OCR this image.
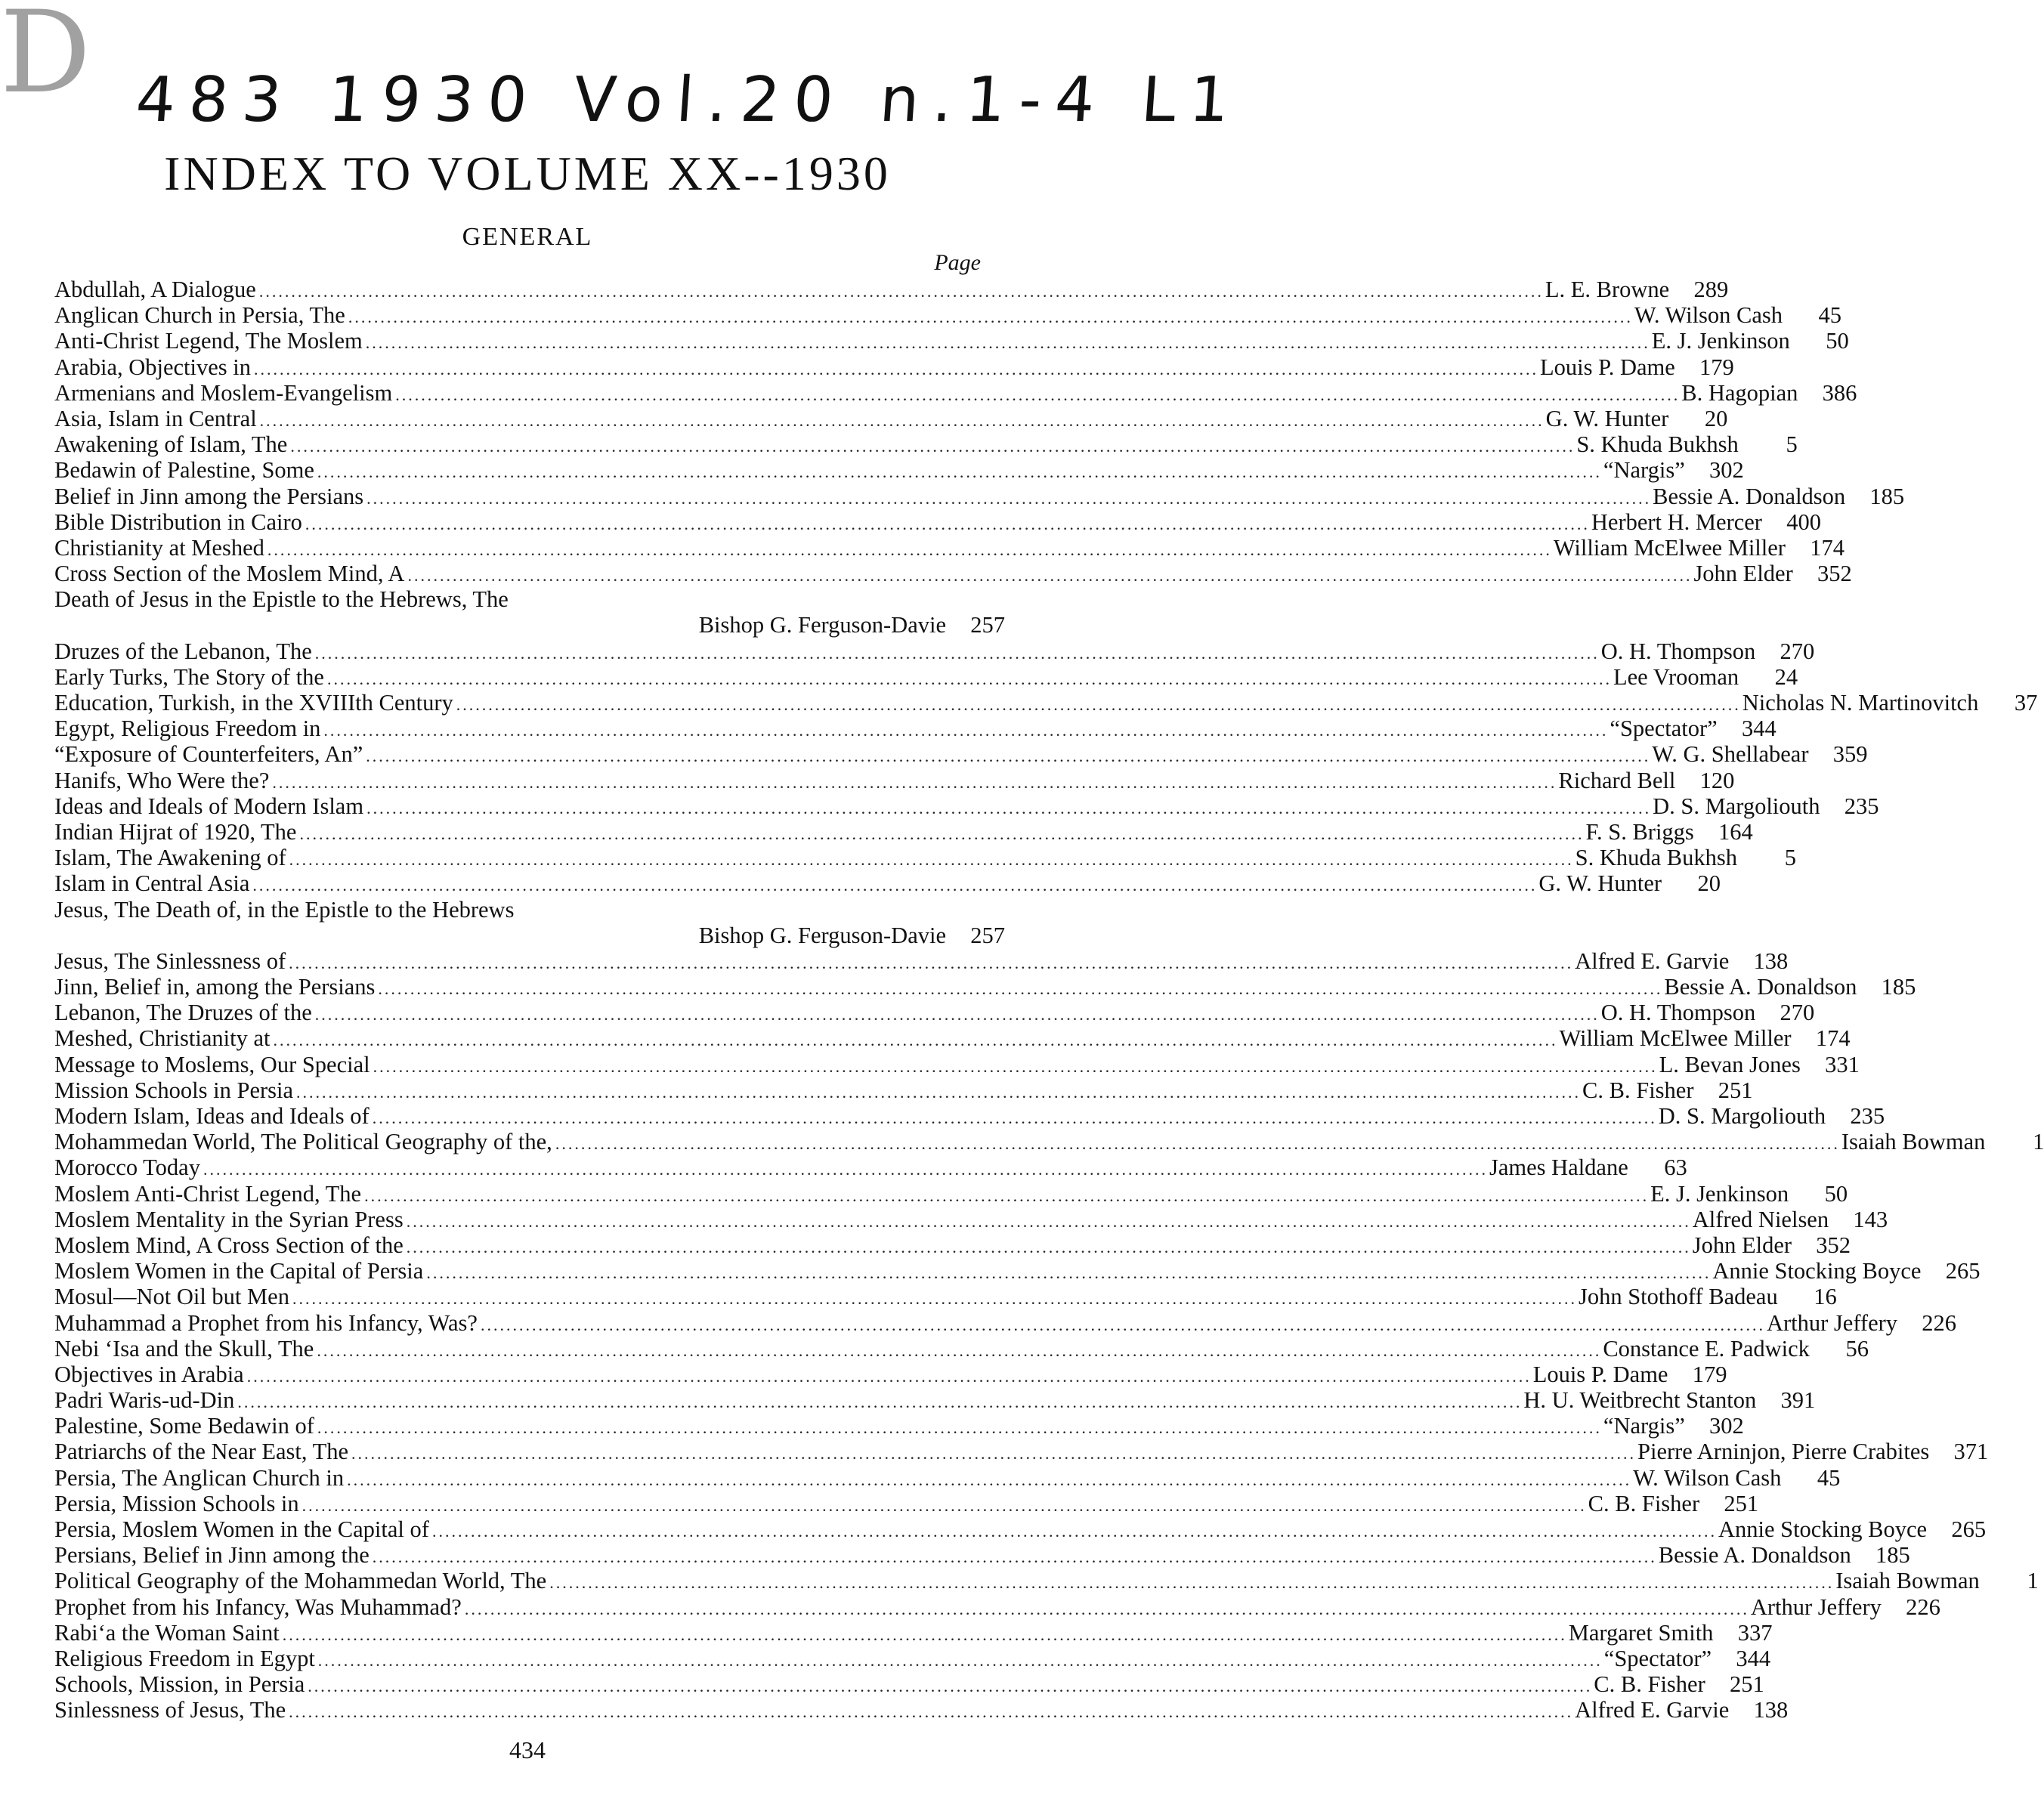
D 483 1930 Vol.20 n.1-4 L1
INDEX TO VOLUME XX--1930
GENERAL
Page
Abdullah, A Dialogue .....	L. E. Browne	289
Anglican Church in Persia, The .....	W. Wilson Cash	45
Anti-Christ Legend, The Moslem .....	E. J. Jenkinson	50
Arabia, Objectives in .....	Louis P. Dame	179
Armenians and Moslem-Evangelism .....	B. Hagopian	386
Asia, Islam in Central .....	G. W. Hunter	20
Awakening of Islam, The .....	S. Khuda Bukhsh	5
Bedawin of Palestine, Some .....	“Nargis”	302
Belief in Jinn among the Persians .....	Bessie A. Donaldson	185
Bible Distribution in Cairo .....	Herbert H. Mercer	400
Christianity at Meshed .....	William McElwee Miller	174
Cross Section of the Moslem Mind, A .....	John Elder	352
Death of Jesus in the Epistle to the Hebrews, The
Bishop G. Ferguson-Davie	257
Druzes of the Lebanon, The .....	O. H. Thompson	270
Early Turks, The Story of the .....	Lee Vrooman	24
Education, Turkish, in the XVIIIth Century .....	Nicholas N. Martinovitch	37
Egypt, Religious Freedom in .....	“Spectator”	344
“Exposure of Counterfeiters, An” .....	W. G. Shellabear	359
Hanifs, Who Were the? .....	Richard Bell	120
Ideas and Ideals of Modern Islam .....	D. S. Margoliouth	235
Indian Hijrat of 1920, The .....	F. S. Briggs	164
Islam, The Awakening of .....	S. Khuda Bukhsh	5
Islam in Central Asia .....	G. W. Hunter	20
Jesus, The Death of, in the Epistle to the Hebrews
Bishop G. Ferguson-Davie	257
Jesus, The Sinlessness of .....	Alfred E. Garvie	138
Jinn, Belief in, among the Persians .....	Bessie A. Donaldson	185
Lebanon, The Druzes of the .....	O. H. Thompson	270
Meshed, Christianity at .....	William McElwee Miller	174
Message to Moslems, Our Special .....	L. Bevan Jones	331
Mission Schools in Persia .....	C. B. Fisher	251
Modern Islam, Ideas and Ideals of .....	D. S. Margoliouth	235
Mohammedan World, The Political Geography of the, .....	Isaiah Bowman	1
Morocco Today .....	James Haldane	63
Moslem Anti-Christ Legend, The .....	E. J. Jenkinson	50
Moslem Mentality in the Syrian Press .....	Alfred Nielsen	143
Moslem Mind, A Cross Section of the .....	John Elder	352
Moslem Women in the Capital of Persia .....	Annie Stocking Boyce	265
Mosul—Not Oil but Men .....	John Stothoff Badeau	16
Muhammad a Prophet from his Infancy, Was? .....	Arthur Jeffery	226
Nebi ‘Isa and the Skull, The .....	Constance E. Padwick	56
Objectives in Arabia .....	Louis P. Dame	179
Padri Waris-ud-Din .....	H. U. Weitbrecht Stanton	391
Palestine, Some Bedawin of .....	“Nargis”	302
Patriarchs of the Near East, The .....	Pierre Arninjon, Pierre Crabites	371
Persia, The Anglican Church in .....	W. Wilson Cash	45
Persia, Mission Schools in .....	C. B. Fisher	251
Persia, Moslem Women in the Capital of .....	Annie Stocking Boyce	265
Persians, Belief in Jinn among the .....	Bessie A. Donaldson	185
Political Geography of the Mohammedan World, The .....	Isaiah Bowman	1
Prophet from his Infancy, Was Muhammad? .....	Arthur Jeffery	226
Rabi‘a the Woman Saint .....	Margaret Smith	337
Religious Freedom in Egypt .....	“Spectator”	344
Schools, Mission, in Persia .....	C. B. Fisher	251
Sinlessness of Jesus, The .....	Alfred E. Garvie	138
434
